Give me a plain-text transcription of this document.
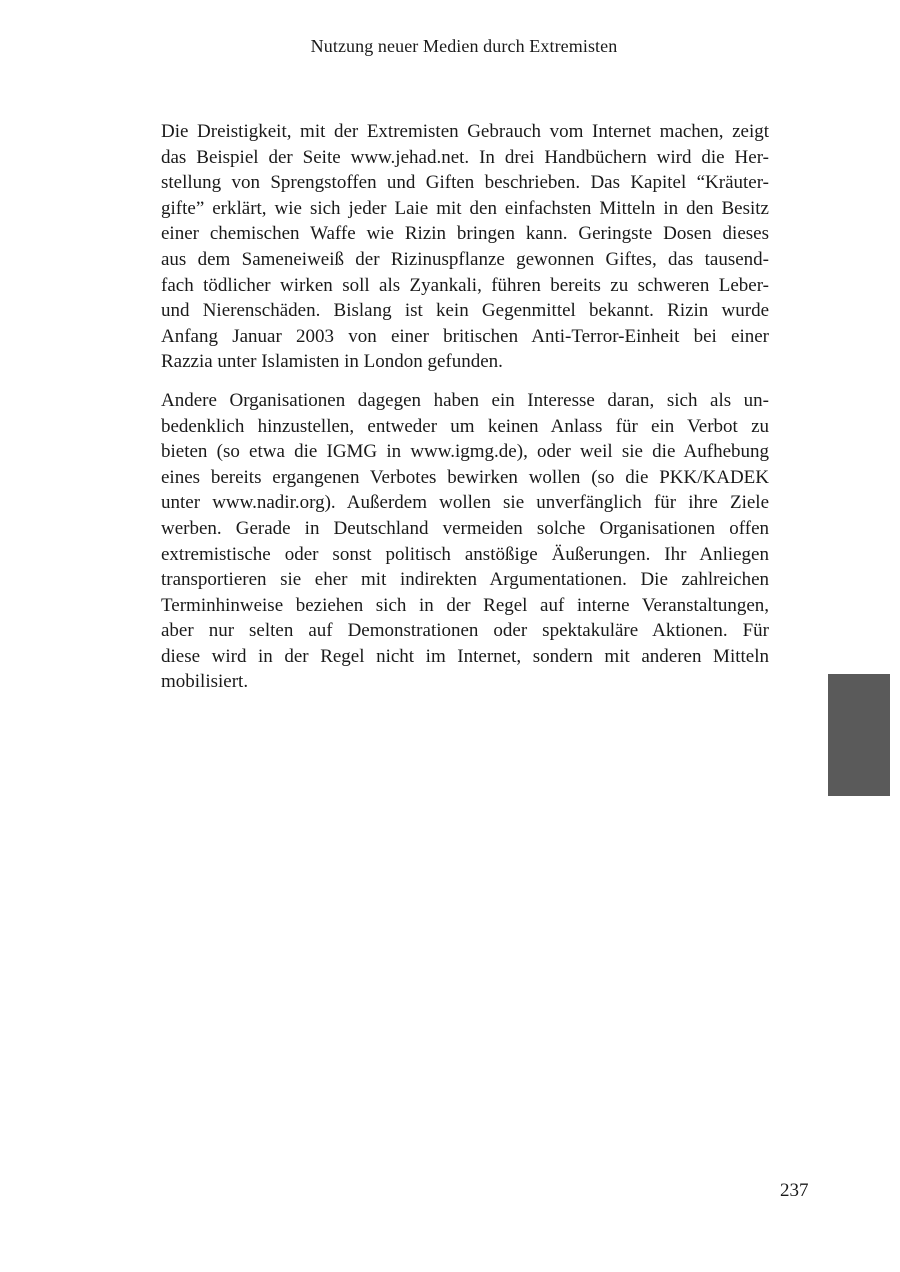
Nutzung neuer Medien durch Extremisten

Die Dreistigkeit, mit der Extremisten Gebrauch vom Internet machen, zeigt
das Beispiel der Seite www.jehad.net. In drei Handbüchern wird die Her-
stellung von Sprengstoffen und Giften beschrieben. Das Kapitel “Kräuter-
gifte” erklärt, wie sich jeder Laie mit den einfachsten Mitteln in den Besitz
einer chemischen Waffe wie Rizin bringen kann. Geringste Dosen dieses
aus dem Sameneiweiß der Rizinuspflanze gewonnen Giftes, das tausend-
fach tödlicher wirken soll als Zyankali, führen bereits zu schweren Leber-
und Nierenschäden. Bislang ist kein Gegenmittel bekannt. Rizin wurde
Anfang Januar 2003 von einer britischen Anti-Terror-Einheit bei einer
Razzia unter Islamisten in London gefunden.

Andere Organisationen dagegen haben ein Interesse daran, sich als un-
bedenklich hinzustellen, entweder um keinen Anlass für ein Verbot zu
bieten (so etwa die IGMG in www.igmg.de), oder weil sie die Aufhebung
eines bereits ergangenen Verbotes bewirken wollen (so die PKK/KADEK
unter www.nadir.org). Außerdem wollen sie unverfänglich für ihre Ziele
werben. Gerade in Deutschland vermeiden solche Organisationen offen
extremistische oder sonst politisch anstößige Äußerungen. Ihr Anliegen
transportieren sie eher mit indirekten Argumentationen. Die zahlreichen
Terminhinweise beziehen sich in der Regel auf interne Veranstaltungen,
aber nur selten auf Demonstrationen oder spektakuläre Aktionen. Für
diese wird in der Regel nicht im Internet, sondern mit anderen Mitteln
mobilisiert.

237
